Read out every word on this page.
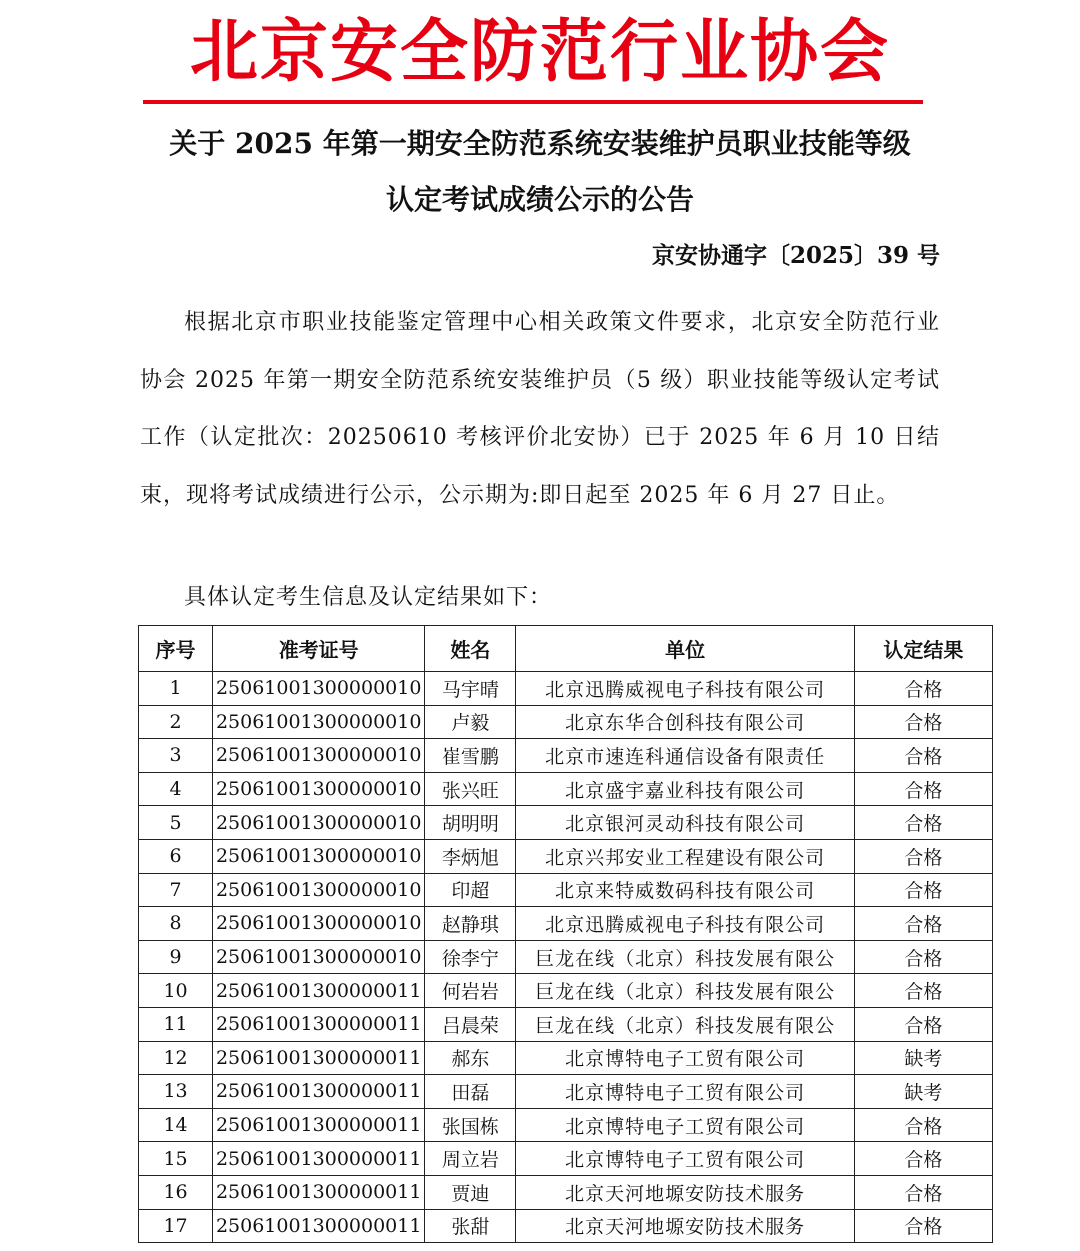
北京安全防范行业协会
关于 2025 年第一期安全防范系统安装维护员职业技能等级
认定考试成绩公示的公告
京安协通字〔2025〕39 号
根据北京市职业技能鉴定管理中心相关政策文件要求，北京安全防范行业协会 2025 年第一期安全防范系统安装维护员（5 级）职业技能等级认定考试工作（认定批次：20250610 考核评价北安协）已于 2025 年 6 月 10 日结束，现将考试成绩进行公示，公示期为:即日起至 2025 年 6 月 27 日止。
具体认定考生信息及认定结果如下：
序号	准考证号	姓名	单位	认定结果
1	25061001300000010	马宇晴	北京迅腾威视电子科技有限公司	合格
2	25061001300000010	卢毅	北京东华合创科技有限公司	合格
3	25061001300000010	崔雪鹏	北京市速连科通信设备有限责任	合格
4	25061001300000010	张兴旺	北京盛宇嘉业科技有限公司	合格
5	25061001300000010	胡明明	北京银河灵动科技有限公司	合格
6	25061001300000010	李炳旭	北京兴邦安业工程建设有限公司	合格
7	25061001300000010	印超	北京来特威数码科技有限公司	合格
8	25061001300000010	赵静琪	北京迅腾威视电子科技有限公司	合格
9	25061001300000010	徐李宁	巨龙在线（北京）科技发展有限公	合格
10	25061001300000011	何岩岩	巨龙在线（北京）科技发展有限公	合格
11	25061001300000011	吕晨荣	巨龙在线（北京）科技发展有限公	合格
12	25061001300000011	郝东	北京博特电子工贸有限公司	缺考
13	25061001300000011	田磊	北京博特电子工贸有限公司	缺考
14	25061001300000011	张国栋	北京博特电子工贸有限公司	合格
15	25061001300000011	周立岩	北京博特电子工贸有限公司	合格
16	25061001300000011	贾迪	北京天河地塬安防技术服务	合格
17	25061001300000011	张甜	北京天河地塬安防技术服务	合格
